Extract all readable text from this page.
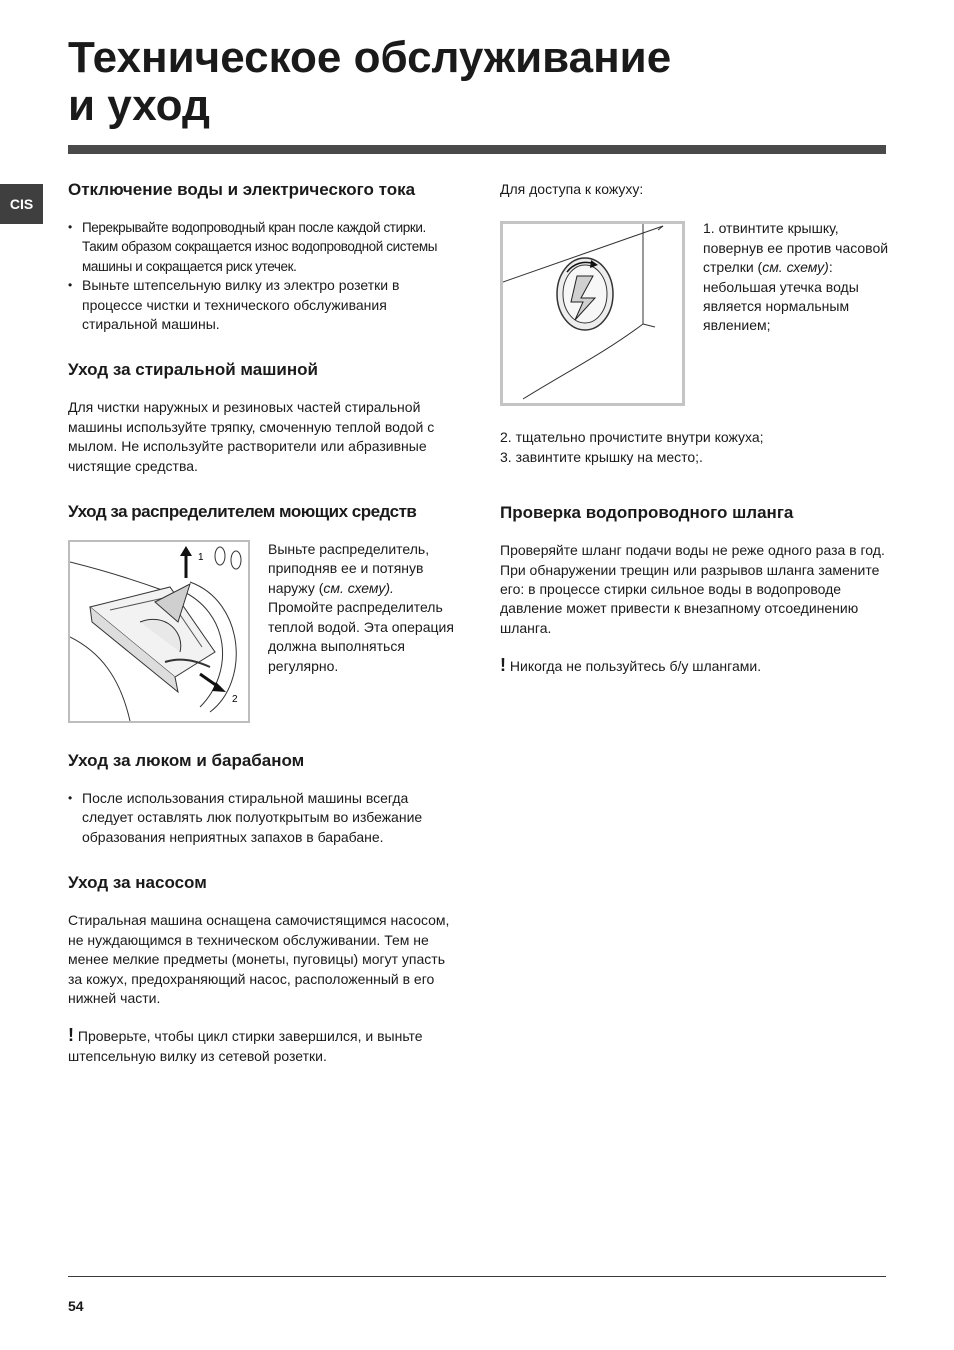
Техническое обслуживание
и уход
CIS
Отключение воды и электрического тока
• Перекрывайте водопроводный кран после каждой стирки. Таким образом сокращается износ водопроводной системы машины и сокращается риск утечек.
• Выньте штепсельную вилку из электро розетки в процессе чистки и технического обслуживания стиральной машины.
Уход за стиральной машиной

Для чистки наружных и резиновых частей стиральной машины используйте тряпку, смоченную теплой водой с мылом. Не используйте растворители или абразивные чистящие средства.

Уход за распределителем моющих средств
1
2

Выньте распределитель, приподняв ее и потянув наружу (см. схему). Промойте распределитель теплой водой. Эта операция должна выполняться регулярно.

Уход за люком и барабаном
• После использования стиральной машины всегда следует оставлять люк полуоткрытым во избежание образования неприятных запахов в барабане.
Уход за насосом

Стиральная машина оснащена самочистящимся насосом, не нуждающимся в техническом обслуживании. Тем не менее мелкие предметы (монеты, пуговицы) могут упасть за кожух, предохраняющий насос, расположенный в его нижней части.

! Проверьте, чтобы цикл стирки завершился, и выньте штепсельную вилку из сетевой розетки.

Для доступа к кожуху:

1. отвинтите крышку, повернув ее против часовой стрелки (см. схему): небольшая утечка воды является нормальным явлением;

2. тщательно прочистите внутри кожуха;

3. завинтите крышку на место;.

Проверка водопроводного шланга

Проверяйте шланг подачи воды не реже одного раза в год. При обнаружении трещин или разрывов шланга замените его: в процессе стирки сильное воды в водопроводе давление может привести к внезапному отсоединению шланга.

! Никогда не пользуйтесь б/у шлангами.

54
